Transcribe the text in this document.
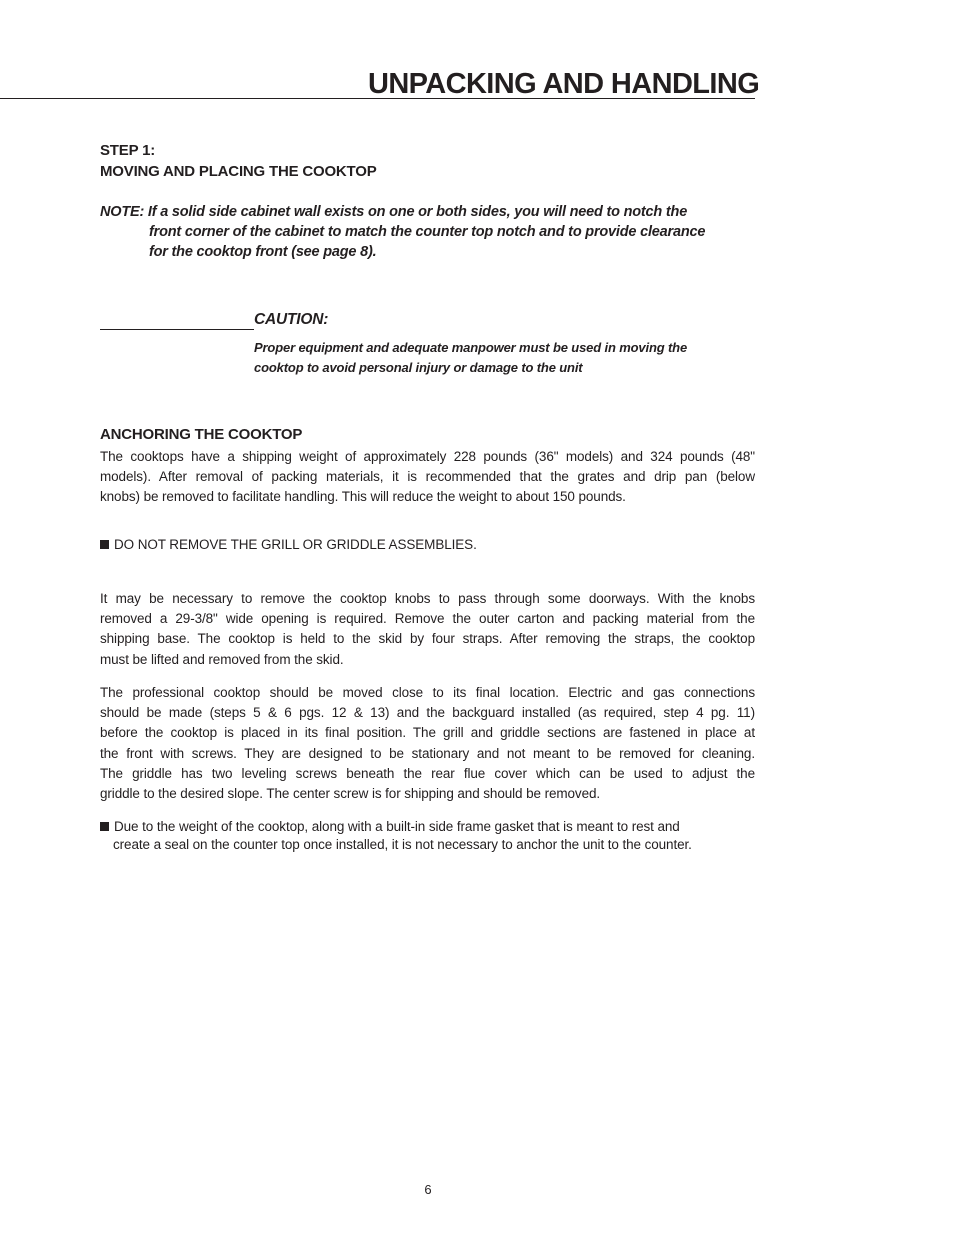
UNPACKING AND HANDLING
STEP 1:
MOVING AND PLACING THE COOKTOP
NOTE: If a solid side cabinet wall exists on one or both sides, you will need to notch the
front corner of the cabinet to match the counter top notch and to provide clearance
for the cooktop front (see page 8).
CAUTION:
Proper equipment and adequate manpower must be used in moving the
cooktop to avoid personal injury or damage to the unit
ANCHORING THE COOKTOP
The cooktops have a shipping weight of approximately 228 pounds (36" models) and 324 pounds (48"
models). After removal of packing materials, it is recommended that the grates and drip pan (below
knobs) be removed to facilitate handling. This will reduce the weight to about 150 pounds.
DO NOT REMOVE THE GRILL OR GRIDDLE ASSEMBLIES.
It may be necessary to remove the cooktop knobs to pass through some doorways. With the knobs
removed a 29-3/8" wide opening is required. Remove the outer carton and packing material from the
shipping base. The cooktop is held to the skid by four straps. After removing the straps, the cooktop
must be lifted and removed from the skid.
The professional cooktop should be moved close to its final location. Electric and gas connections
should be made (steps 5 & 6 pgs. 12 & 13) and the backguard installed (as required, step 4 pg. 11)
before the cooktop is placed in its final position. The grill and griddle sections are fastened in place at
the front with screws. They are designed to be stationary and not meant to be removed for cleaning.
The griddle has two leveling screws beneath the rear flue cover which can be used to adjust the
griddle to the desired slope. The center screw is for shipping and should be removed.
Due to the weight of the cooktop, along with a built-in side frame gasket that is meant to rest and
create a seal on the counter top once installed, it is not necessary to anchor the unit to the counter.
6
